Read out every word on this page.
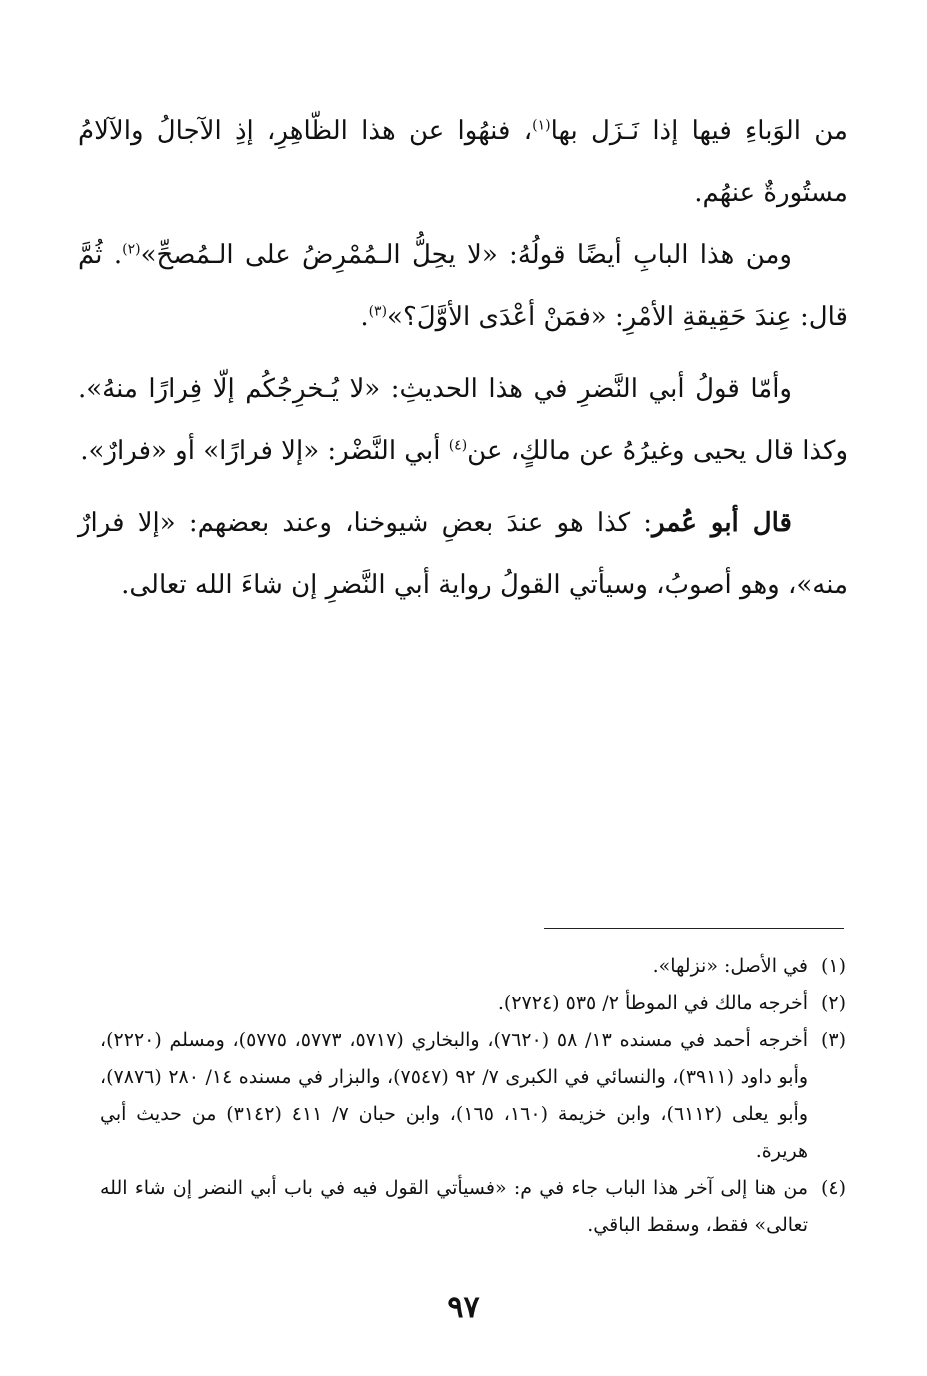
من الوَباءِ فيها إذا نَـزَل بها$^{(١)}$، فنهُوا عن هذا الظّاهِرِ، إذِ الآجالُ والآلامُ مستُورةٌ عنهُم.

ومن هذا البابِ أيضًا قولُهُ: «لا يحِلُّ الـمُمْرِضُ على الـمُصحِّ»$^{(٢)}$. ثُمَّ قال: عِندَ حَقِيقةِ الأمْرِ: «فمَنْ أعْدَى الأوَّلَ؟»$^{(٣)}$.

وأمّا قولُ أبي النَّضرِ في هذا الحديثِ: «لا يُـخرِجُكُم إلّا فِرارًا منهُ». وكذا قال يحيى وغيرُهُ عن مالكٍ، عن$^{(٤)}$ أبي النَّضْر: «إلا فرارًا» أو «فرارٌ».

قال أبو عُمر: كذا هو عندَ بعضِ شيوخنا، وعند بعضهم: «إلا فرارٌ منه»، وهو أصوبُ، وسيأتي القولُ رواية أبي النَّضرِ إن شاءَ الله تعالى.

(١)
في الأصل: «نزلها».

(٢)
أخرجه مالك في الموطأ ٢/ ٥٣٥ (٢٧٢٤).

(٣)
أخرجه أحمد في مسنده ١٣/ ٥٨ (٧٦٢٠)، والبخاري (٥٧١٧، ٥٧٧٣، ٥٧٧٥)، ومسلم (٢٢٢٠)، وأبو داود (٣٩١١)، والنسائي في الكبرى ٧/ ٩٢ (٧٥٤٧)، والبزار في مسنده ١٤/ ٢٨٠ (٧٨٧٦)، وأبو يعلى (٦١١٢)، وابن خزيمة (١٦٠، ١٦٥)، وابن حبان ٧/ ٤١١ (٣١٤٢) من حديث أبي هريرة.

(٤)
من هنا إلى آخر هذا الباب جاء في م: «فسيأتي القول فيه في باب أبي النضر إن شاء الله تعالى» فقط، وسقط الباقي.

٩٧
